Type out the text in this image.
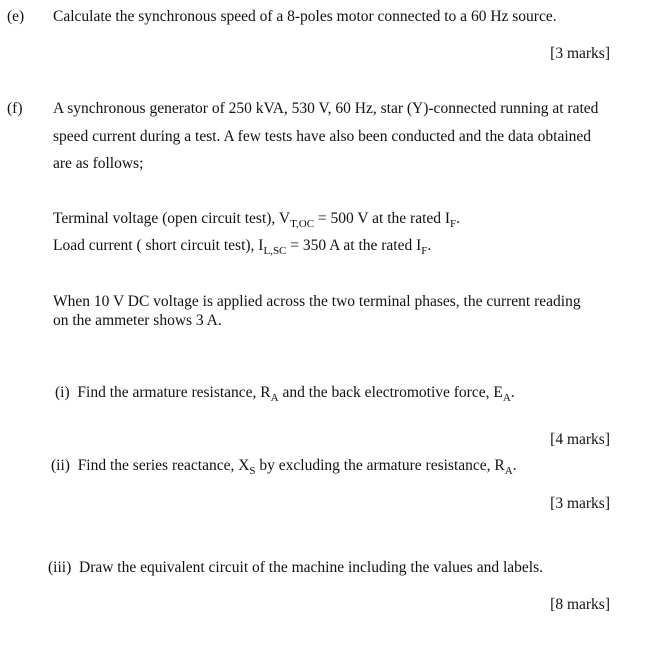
(e) Calculate the synchronous speed of a 8-poles motor connected to a 60 Hz source.
[3 marks]
(f) A synchronous generator of 250 kVA, 530 V, 60 Hz, star (Y)-connected running at rated
speed current during a test. A few tests have also been conducted and the data obtained
are as follows;
Terminal voltage (open circuit test), $V_{T,OC} = 500$ V at the rated $I_F$.
Load current ( short circuit test), $I_{L,SC} = 350$ A at the rated $I_F$.
When 10 V DC voltage is applied across the two terminal phases, the current reading
on the ammeter shows 3 A.
(i) Find the armature resistance, $R_A$ and the back electromotive force, $E_A$.
[4 marks]
(ii) Find the series reactance, $X_S$ by excluding the armature resistance, $R_A$.
[3 marks]
(iii) Draw the equivalent circuit of the machine including the values and labels.
[8 marks]
